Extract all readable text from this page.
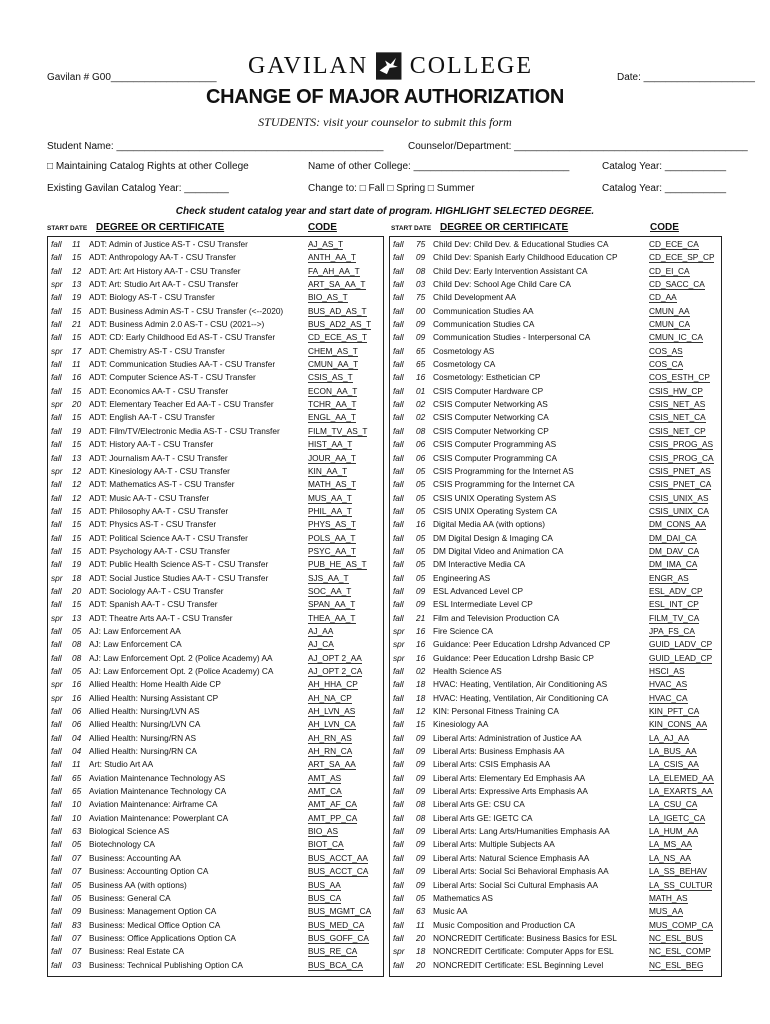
Gavilan # G00___________________ GAVILAN COLLEGE	Date: ____________________
CHANGE OF MAJOR AUTHORIZATION
STUDENTS: visit your counselor to submit this form
Student Name: ________________________________________________ Counselor/Department: __________________________________________
□ Maintaining Catalog Rights at other College	Name of other College: ____________________________	Catalog Year: ___________
Existing Gavilan Catalog Year: ________	Change to: □ Fall □ Spring □ Summer	Catalog Year: ___________
Check student catalog year and start date of program. HIGHLIGHT SELECTED DEGREE.
START DATE DEGREE OR CERTIFICATE	CODE	START DATE DEGREE OR CERTIFICATE	CODE
fall 11 ADT: Admin of Justice AS-T - CSU Transfer	AJ_AS_T
fall 15 ADT: Anthropology AA-T - CSU Transfer	ANTH_AA_T
fall 12 ADT: Art: Art History AA-T - CSU Transfer	FA_AH_AA_T
spr 13 ADT: Art: Studio Art AA-T - CSU Transfer	ART_SA_AA_T
fall 19 ADT: Biology AS-T - CSU Transfer	BIO_AS_T
fall 15 ADT: Business Admin AS-T - CSU Transfer (<--2020)	BUS_AD_AS_T
fall 21 ADT: Business Admin 2.0 AS-T - CSU (2021-->)	BUS_AD2_AS_T
fall 15 ADT: CD: Early Childhood Ed AS-T - CSU Transfer	CD_ECE_AS_T
spr 17 ADT: Chemistry AS-T - CSU Transfer	CHEM_AS_T
fall 11 ADT: Communication Studies AA-T - CSU Transfer	CMUN_AA_T
fall 16 ADT: Computer Science AS-T - CSU Transfer	CSIS_AS_T
fall 15 ADT: Economics AA-T - CSU Transfer	ECON_AA_T
spr 20 ADT: Elementary Teacher Ed AA-T - CSU Transfer	TCHR_AA_T
fall 15 ADT: English AA-T - CSU Transfer	ENGL_AA_T
fall 19 ADT: Film/TV/Electronic Media AS-T - CSU Transfer	FILM_TV_AS_T
fall 15 ADT: History AA-T - CSU Transfer	HIST_AA_T
fall 13 ADT: Journalism AA-T - CSU Transfer	JOUR_AA_T
spr 12 ADT: Kinesiology AA-T - CSU Transfer	KIN_AA_T
fall 12 ADT: Mathematics AS-T - CSU Transfer	MATH_AS_T
fall 12 ADT: Music AA-T - CSU Transfer	MUS_AA_T
fall 15 ADT: Philosophy AA-T - CSU Transfer	PHIL_AA_T
fall 15 ADT: Physics AS-T - CSU Transfer	PHYS_AS_T
fall 15 ADT: Political Science AA-T - CSU Transfer	POLS_AA_T
fall 15 ADT: Psychology AA-T - CSU Transfer	PSYC_AA_T
fall 19 ADT: Public Health Science AS-T - CSU Transfer	PUB_HE_AS_T
spr 18 ADT: Social Justice Studies AA-T - CSU Transfer	SJS_AA_T
fall 20 ADT: Sociology AA-T - CSU Transfer	SOC_AA_T
fall 15 ADT: Spanish AA-T - CSU Transfer	SPAN_AA_T
spr 13 ADT: Theatre Arts AA-T - CSU Transfer	THEA_AA_T
fall 05 AJ: Law Enforcement AA	AJ_AA
fall 08 AJ: Law Enforcement CA	AJ_CA
fall 08 AJ: Law Enforcement Opt. 2 (Police Academy) AA	AJ_OPT 2_AA
fall 05 AJ: Law Enforcement Opt. 2 (Police Academy) CA	AJ_OPT 2_CA
spr 16 Allied Health: Home Health Aide CP	AH_HHA_CP
spr 16 Allied Health: Nursing Assistant CP	AH_NA_CP
fall 06 Allied Health: Nursing/LVN AS	AH_LVN_AS
fall 06 Allied Health: Nursing/LVN CA	AH_LVN_CA
fall 04 Allied Health: Nursing/RN AS	AH_RN_AS
fall 04 Allied Health: Nursing/RN CA	AH_RN_CA
fall 11 Art: Studio Art AA	ART_SA_AA
fall 65 Aviation Maintenance Technology AS	AMT_AS
fall 65 Aviation Maintenance Technology CA	AMT_CA
fall 10 Aviation Maintenance: Airframe CA	AMT_AF_CA
fall 10 Aviation Maintenance: Powerplant CA	AMT_PP_CA
fall 63 Biological Science AS	BIO_AS
fall 05 Biotechnology CA	BIOT_CA
fall 07 Business: Accounting AA	BUS_ACCT_AA
fall 07 Business: Accounting Option CA	BUS_ACCT_CA
fall 05 Business AA (with options)	BUS_AA
fall 05 Business: General CA	BUS_CA
fall 09 Business: Management Option CA	BUS_MGMT_CA
fall 83 Business: Medical Office Option CA	BUS_MED_CA
fall 07 Business: Office Applications Option CA	BUS_GOFF_CA
fall 07 Business: Real Estate CA	BUS_RE_CA
fall 03 Business: Technical Publishing Option CA	BUS_BCA_CA
fall 75 Child Dev: Child Dev. & Educational Studies CA	CD_ECE_CA
fall 09 Child Dev: Spanish Early Childhood Education CP	CD_ECE_SP_CP
fall 08 Child Dev: Early Intervention Assistant CA	CD_EI_CA
fall 03 Child Dev: School Age Child Care CA	CD_SACC_CA
fall 75 Child Development AA	CD_AA
fall 00 Communication Studies AA	CMUN_AA
fall 09 Communication Studies CA	CMUN_CA
fall 09 Communication Studies - Interpersonal CA	CMUN_IC_CA
fall 65 Cosmetology AS	COS_AS
fall 65 Cosmetology CA	COS_CA
fall 16 Cosmetology: Esthetician CP	COS_ESTH_CP
fall 01 CSIS Computer Hardware CP	CSIS_HW_CP
fall 02 CSIS Computer Networking AS	CSIS_NET_AS
fall 02 CSIS Computer Networking CA	CSIS_NET_CA
fall 08 CSIS Computer Networking CP	CSIS_NET_CP
fall 06 CSIS Computer Programming AS	CSIS_PROG_AS
fall 06 CSIS Computer Programming CA	CSIS_PROG_CA
fall 05 CSIS Programming for the Internet AS	CSIS_PNET_AS
fall 05 CSIS Programming for the Internet CA	CSIS_PNET_CA
fall 05 CSIS UNIX Operating System AS	CSIS_UNIX_AS
fall 05 CSIS UNIX Operating System CA	CSIS_UNIX_CA
fall 16 Digital Media AA (with options)	DM_CONS_AA
fall 05 DM Digital Design & Imaging CA	DM_DAI_CA
fall 05 DM Digital Video and Animation CA	DM_DAV_CA
fall 05 DM Interactive Media CA	DM_IMA_CA
fall 05 Engineering AS	ENGR_AS
fall 09 ESL Advanced Level CP	ESL_ADV_CP
fall 09 ESL Intermediate Level CP	ESL_INT_CP
fall 21 Film and Television Production CA	FILM_TV_CA
spr 16 Fire Science CA	JPA_FS_CA
spr 16 Guidance: Peer Education Ldrshp Advanced CP	GUID_LADV_CP
spr 16 Guidance: Peer Education Ldrshp Basic CP	GUID_LEAD_CP
fall 02 Health Science AS	HSCI_AS
fall 18 HVAC: Heating, Ventilation, Air Conditioning AS	HVAC_AS
fall 18 HVAC: Heating, Ventilation, Air Conditioning CA	HVAC_CA
fall 12 KIN: Personal Fitness Training CA	KIN_PFT_CA
fall 15 Kinesiology AA	KIN_CONS_AA
fall 09 Liberal Arts: Administration of Justice AA	LA_AJ_AA
fall 09 Liberal Arts: Business Emphasis AA	LA_BUS_AA
fall 09 Liberal Arts: CSIS Emphasis AA	LA_CSIS_AA
fall 09 Liberal Arts: Elementary Ed Emphasis AA	LA_ELEMED_AA
fall 09 Liberal Arts: Expressive Arts Emphasis AA	LA_EXARTS_AA
fall 08 Liberal Arts GE: CSU CA	LA_CSU_CA
fall 08 Liberal Arts GE: IGETC CA	LA_IGETC_CA
fall 09 Liberal Arts: Lang Arts/Humanities Emphasis AA	LA_HUM_AA
fall 09 Liberal Arts: Multiple Subjects AA	LA_MS_AA
fall 09 Liberal Arts: Natural Science Emphasis AA	LA_NS_AA
fall 09 Liberal Arts: Social Sci Behavioral Emphasis AA	LA_SS_BEHAV
fall 09 Liberal Arts: Social Sci Cultural Emphasis AA	LA_SS_CULTUR
fall 05 Mathematics AS	MATH_AS
fall 63 Music AA	MUS_AA
fall 11 Music Composition and Production CA	MUS_COMP_CA
fall 20 NONCREDIT Certificate: Business Basics for ESL	NC_ESL_BUS
spr 18 NONCREDIT Certificate: Computer Apps for ESL	NC_ESL_COMP
fall 20 NONCREDIT Certificate: ESL Beginning Level	NC_ESL_BEG
